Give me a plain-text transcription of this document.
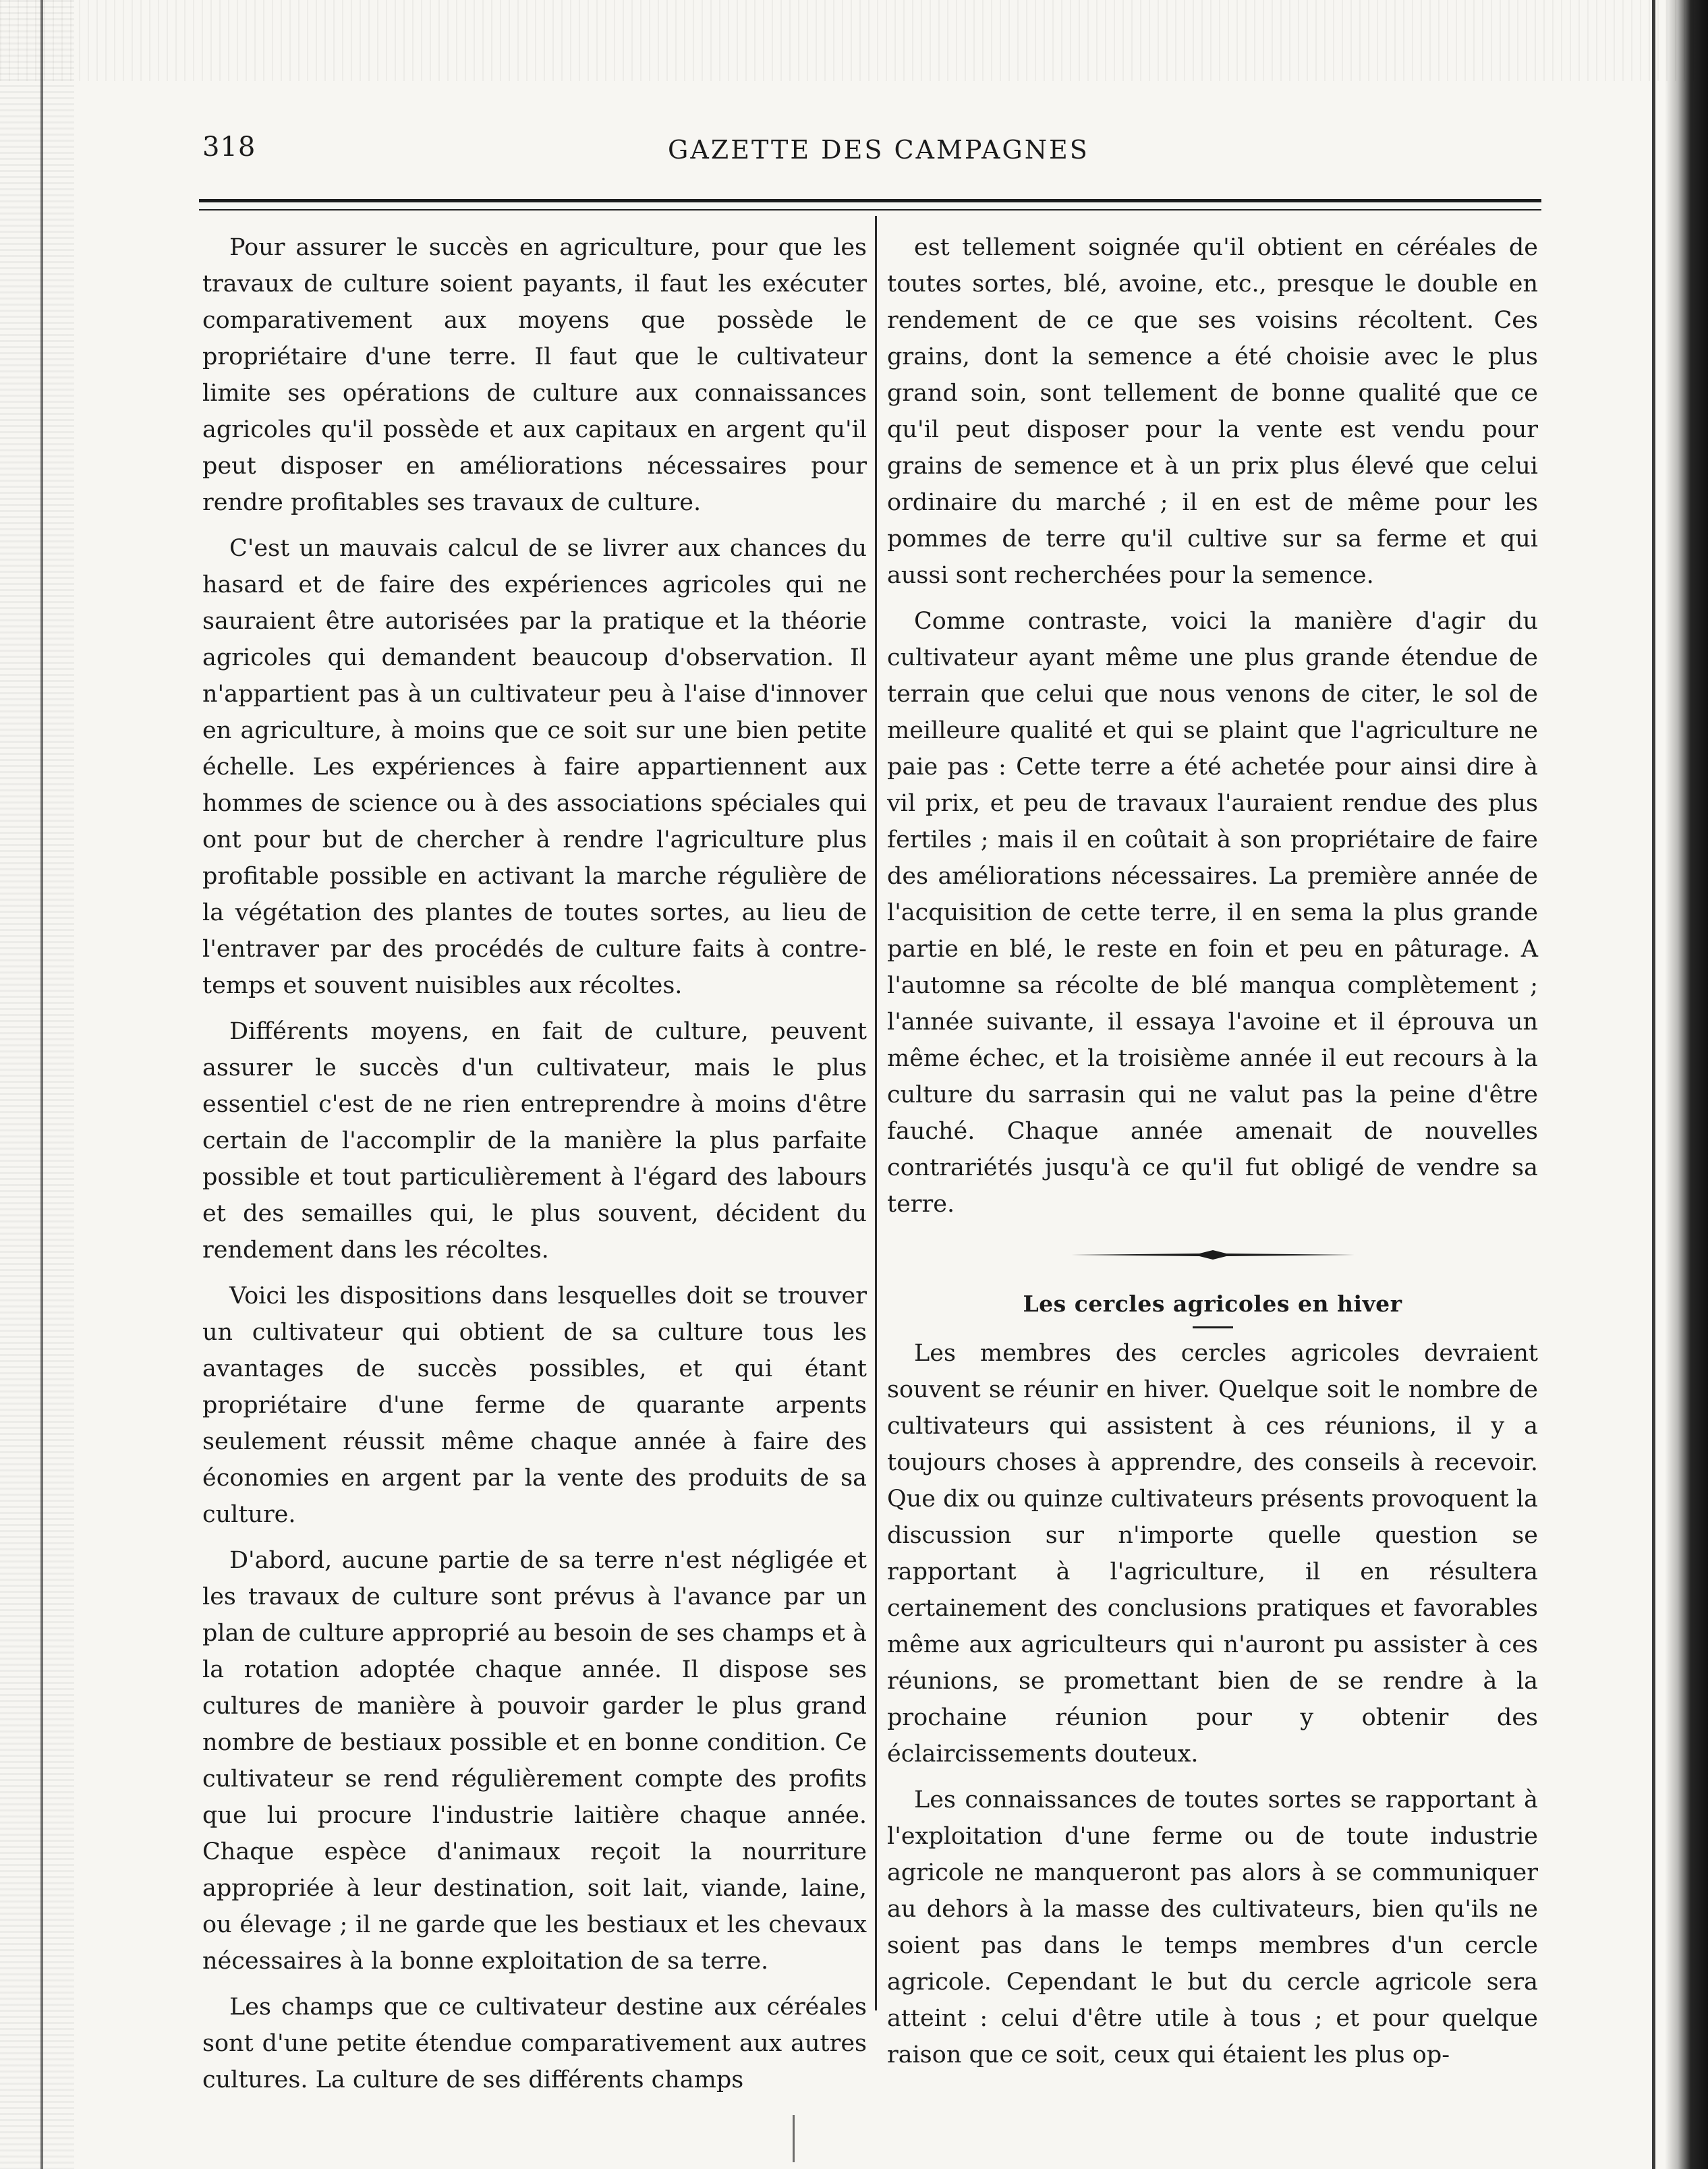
318	GAZETTE DES CAMPAGNES

Pour assurer le succès en agriculture, pour que les travaux de culture soient payants, il faut les exécuter comparativement aux moyens que possède le propriétaire d'une terre. Il faut que le cultivateur limite ses opérations de culture aux connaissances agricoles qu'il possède et aux capitaux en argent qu'il peut disposer en améliorations nécessaires pour rendre profitables ses travaux de culture.

C'est un mauvais calcul de se livrer aux chances du hasard et de faire des expériences agricoles qui ne sauraient être autorisées par la pratique et la théorie agricoles qui demandent beaucoup d'observation. Il n'appartient pas à un cultivateur peu à l'aise d'innover en agriculture, à moins que ce soit sur une bien petite échelle. Les expériences à faire appartiennent aux hommes de science ou à des associations spéciales qui ont pour but de chercher à rendre l'agriculture plus profitable possible en activant la marche régulière de la végétation des plantes de toutes sortes, au lieu de l'entraver par des procédés de culture faits à contre-temps et souvent nuisibles aux récoltes.

Différents moyens, en fait de culture, peuvent assurer le succès d'un cultivateur, mais le plus essentiel c'est de ne rien entreprendre à moins d'être certain de l'accomplir de la manière la plus parfaite possible et tout particulièrement à l'égard des labours et des semailles qui, le plus souvent, décident du rendement dans les récoltes.

Voici les dispositions dans lesquelles doit se trouver un cultivateur qui obtient de sa culture tous les avantages de succès possibles, et qui étant propriétaire d'une ferme de quarante arpents seulement réussit même chaque année à faire des économies en argent par la vente des produits de sa culture.

D'abord, aucune partie de sa terre n'est négligée et les travaux de culture sont prévus à l'avance par un plan de culture approprié au besoin de ses champs et à la rotation adoptée chaque année. Il dispose ses cultures de manière à pouvoir garder le plus grand nombre de bestiaux possible et en bonne condition. Ce cultivateur se rend régulièrement compte des profits que lui procure l'industrie laitière chaque année. Chaque espèce d'animaux reçoit la nourriture appropriée à leur destination, soit lait, viande, laine, ou élevage ; il ne garde que les bestiaux et les chevaux nécessaires à la bonne exploitation de sa terre.

Les champs que ce cultivateur destine aux céréales sont d'une petite étendue comparativement aux autres cultures. La culture de ses différents champs

est tellement soignée qu'il obtient en céréales de toutes sortes, blé, avoine, etc., presque le double en rendement de ce que ses voisins récoltent. Ces grains, dont la semence a été choisie avec le plus grand soin, sont tellement de bonne qualité que ce qu'il peut disposer pour la vente est vendu pour grains de semence et à un prix plus élevé que celui ordinaire du marché ; il en est de même pour les pommes de terre qu'il cultive sur sa ferme et qui aussi sont recherchées pour la semence.

Comme contraste, voici la manière d'agir du cultivateur ayant même une plus grande étendue de terrain que celui que nous venons de citer, le sol de meilleure qualité et qui se plaint que l'agriculture ne paie pas : Cette terre a été achetée pour ainsi dire à vil prix, et peu de travaux l'auraient rendue des plus fertiles ; mais il en coûtait à son propriétaire de faire des améliorations nécessaires. La première année de l'acquisition de cette terre, il en sema la plus grande partie en blé, le reste en foin et peu en pâturage. A l'automne sa récolte de blé manqua complètement ; l'année suivante, il essaya l'avoine et il éprouva un même échec, et la troisième année il eut recours à la culture du sarrasin qui ne valut pas la peine d'être fauché. Chaque année amenait de nouvelles contrariétés jusqu'à ce qu'il fut obligé de vendre sa terre.

Les cercles agricoles en hiver

Les membres des cercles agricoles devraient souvent se réunir en hiver. Quelque soit le nombre de cultivateurs qui assistent à ces réunions, il y a toujours choses à apprendre, des conseils à recevoir. Que dix ou quinze cultivateurs présents provoquent la discussion sur n'importe quelle question se rapportant à l'agriculture, il en résultera certainement des conclusions pratiques et favorables même aux agriculteurs qui n'auront pu assister à ces réunions, se promettant bien de se rendre à la prochaine réunion pour y obtenir des éclaircissements douteux.

Les connaissances de toutes sortes se rapportant à l'exploitation d'une ferme ou de toute industrie agricole ne manqueront pas alors à se communiquer au dehors à la masse des cultivateurs, bien qu'ils ne soient pas dans le temps membres d'un cercle agricole. Cependant le but du cercle agricole sera atteint : celui d'être utile à tous ; et pour quelque raison que ce soit, ceux qui étaient les plus op-
